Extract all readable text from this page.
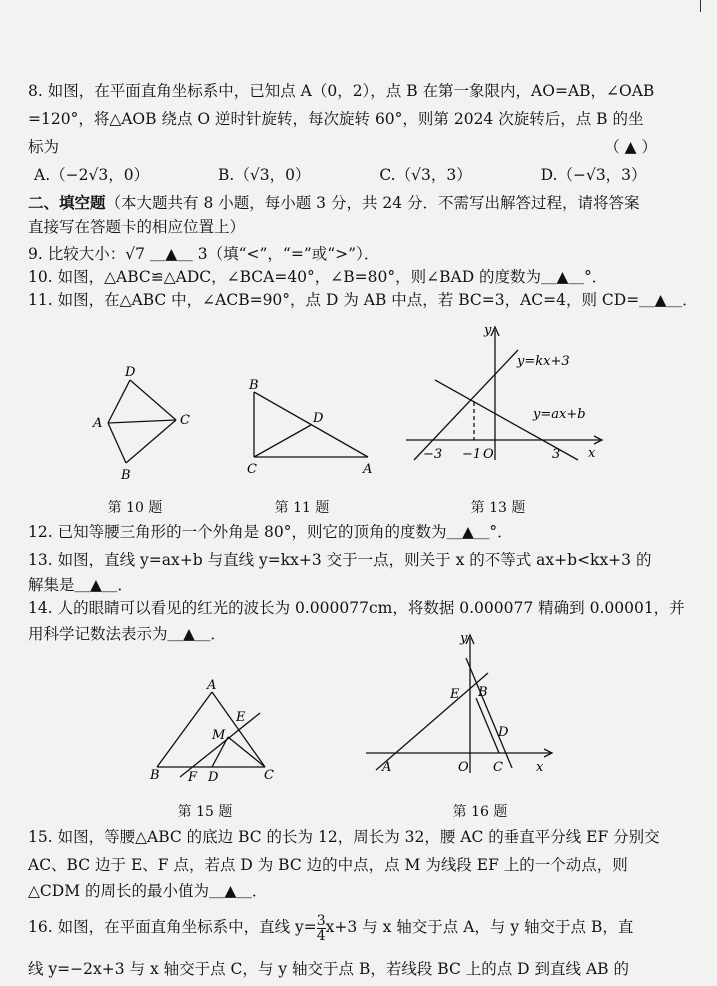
8. 如图，在平面直角坐标系中，已知点 A（0，2），点 B 在第一象限内，AO=AB，∠OAB
=120°，将△AOB 绕点 O 逆时针旋转，每次旋转 60°，则第 2024 次旋转后，点 B 的坐
标为	（ ▲ ）
A.（−2√3，0）	B.（√3，0）	C.（√3，3）	D.（−√3，3）
二、填空题（本大题共有 8 小题，每小题 3 分，共 24 分．不需写出解答过程，请将答案
直接写在答题卡的相应位置上）
9. 比较大小：√7 ＿▲＿ 3（填“<”，“=”或“>”）．
10. 如图，△ABC≌△ADC，∠BCA=40°，∠B=80°，则∠BAD 的度数为＿▲＿°．
11. 如图，在△ABC 中，∠ACB=90°，点 D 为 AB 中点，若 BC=3，AC=4，则 CD=＿▲＿．
D
A	C
B
第 10 题
B
D
C	A
第 11 题
y
x
y=kx+3
y=ax+b
−3 −1 O	3
第 13 题
12. 已知等腰三角形的一个外角是 80°，则它的顶角的度数为＿▲＿°．
13. 如图，直线 y=ax+b 与直线 y=kx+3 交于一点，则关于 x 的不等式 ax+b<kx+3 的
解集是＿▲＿．
14. 人的眼睛可以看见的红光的波长为 0.000077cm，将数据 0.000077 精确到 0.00001，并
用科学记数法表示为＿▲＿．
A
E
M
B F D	C
第 15 题
y
E B
D
A	O C	x
第 16 题
15. 如图，等腰△ABC 的底边 BC 的长为 12，周长为 32，腰 AC 的垂直平分线 EF 分别交
AC、BC 边于 E、F 点，若点 D 为 BC 边的中点，点 M 为线段 EF 上的一个动点，则
△CDM 的周长的最小值为＿▲＿．
16. 如图，在平面直角坐标系中，直线 $y= \frac{3}{4} x+3$ 与 x 轴交于点 A，与 y 轴交于点 B，直
线 y=−2x+3 与 x 轴交于点 C，与 y 轴交于点 B，若线段 BC 上的点 D 到直线 AB 的
